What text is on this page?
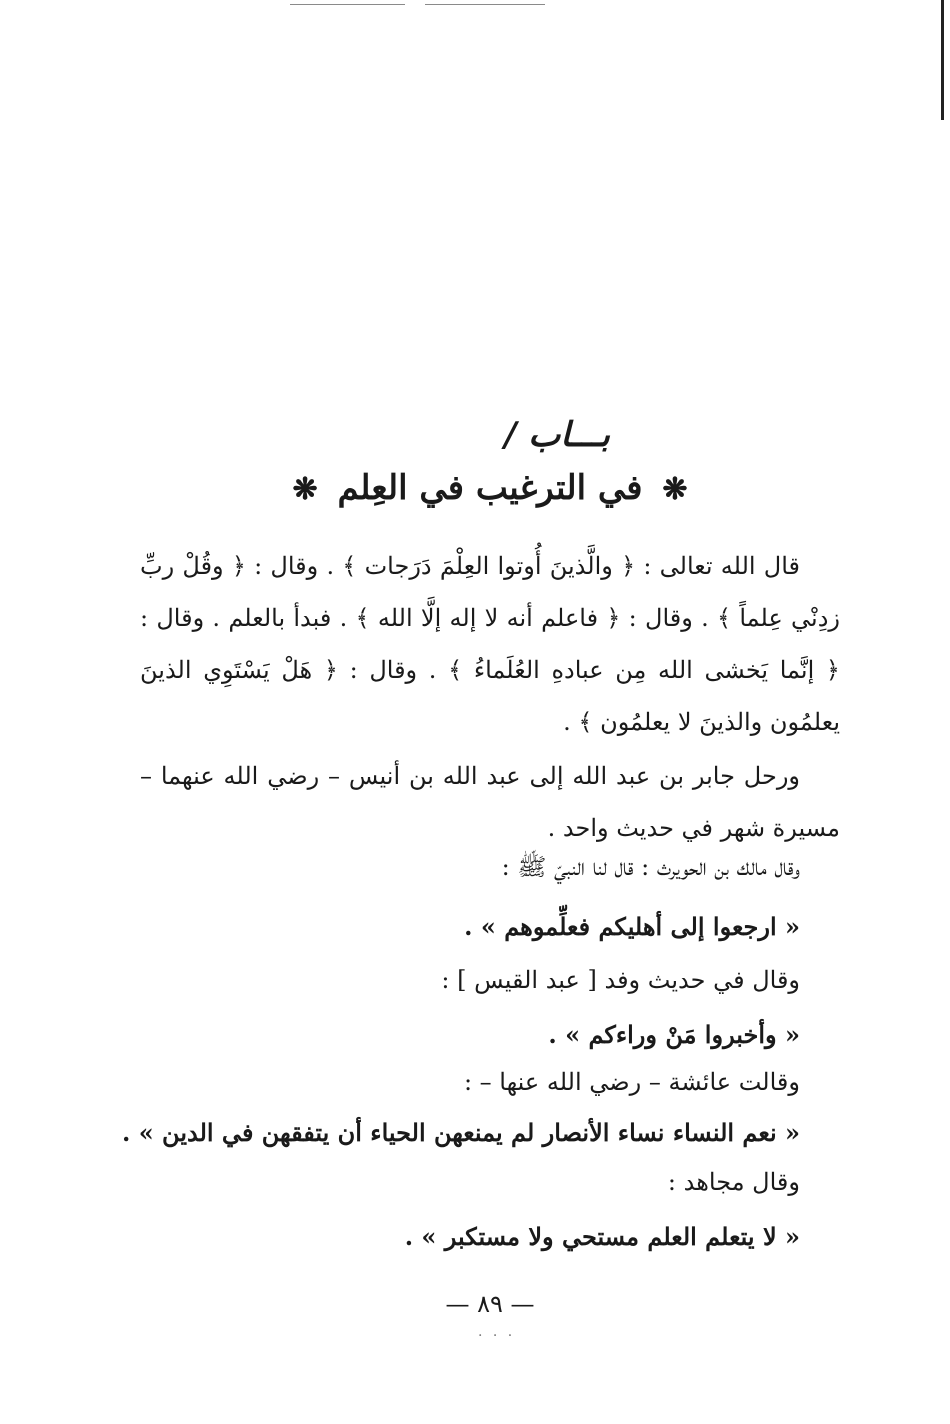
بـــاب /
❋ في الترغيب في العِلم ❋
قال الله تعالى : ﴿ والَّذينَ أُوتوا العِلْمَ دَرَجات ﴾ . وقال : ﴿ وقُلْ ربِّ زدِنْي عِلماً ﴾ . وقال : ﴿ فاعلم أنه لا إله إلَّا الله ﴾ . فبدأ بالعلم . وقال : ﴿ إنَّما يَخشى الله مِن عبادهِ العُلَماءُ ﴾ . وقال : ﴿ هَلْ يَسْتَوِي الذينَ يعلمُون والذينَ لا يعلمُون ﴾ .
ورحل جابر بن عبد الله إلى عبد الله بن أنيس – رضي الله عنهما – مسيرة شهر في حديث واحد .
وقال مالك بن الحويرث : قال لنا النبيّ ﷺ :
« ارجعوا إلى أهليكم فعلِّموهم » .
وقال في حديث وفد [ عبد القيس ] :
« وأخبروا مَنْ وراءكم » .
وقالت عائشة – رضي الله عنها – :
« نعم النساء نساء الأنصار لم يمنعهن الحياء أن يتفقهن في الدين » .
وقال مجاهد :
« لا يتعلم العلم مستحي ولا مستكبر » .
— ٨٩ —
· · ·
